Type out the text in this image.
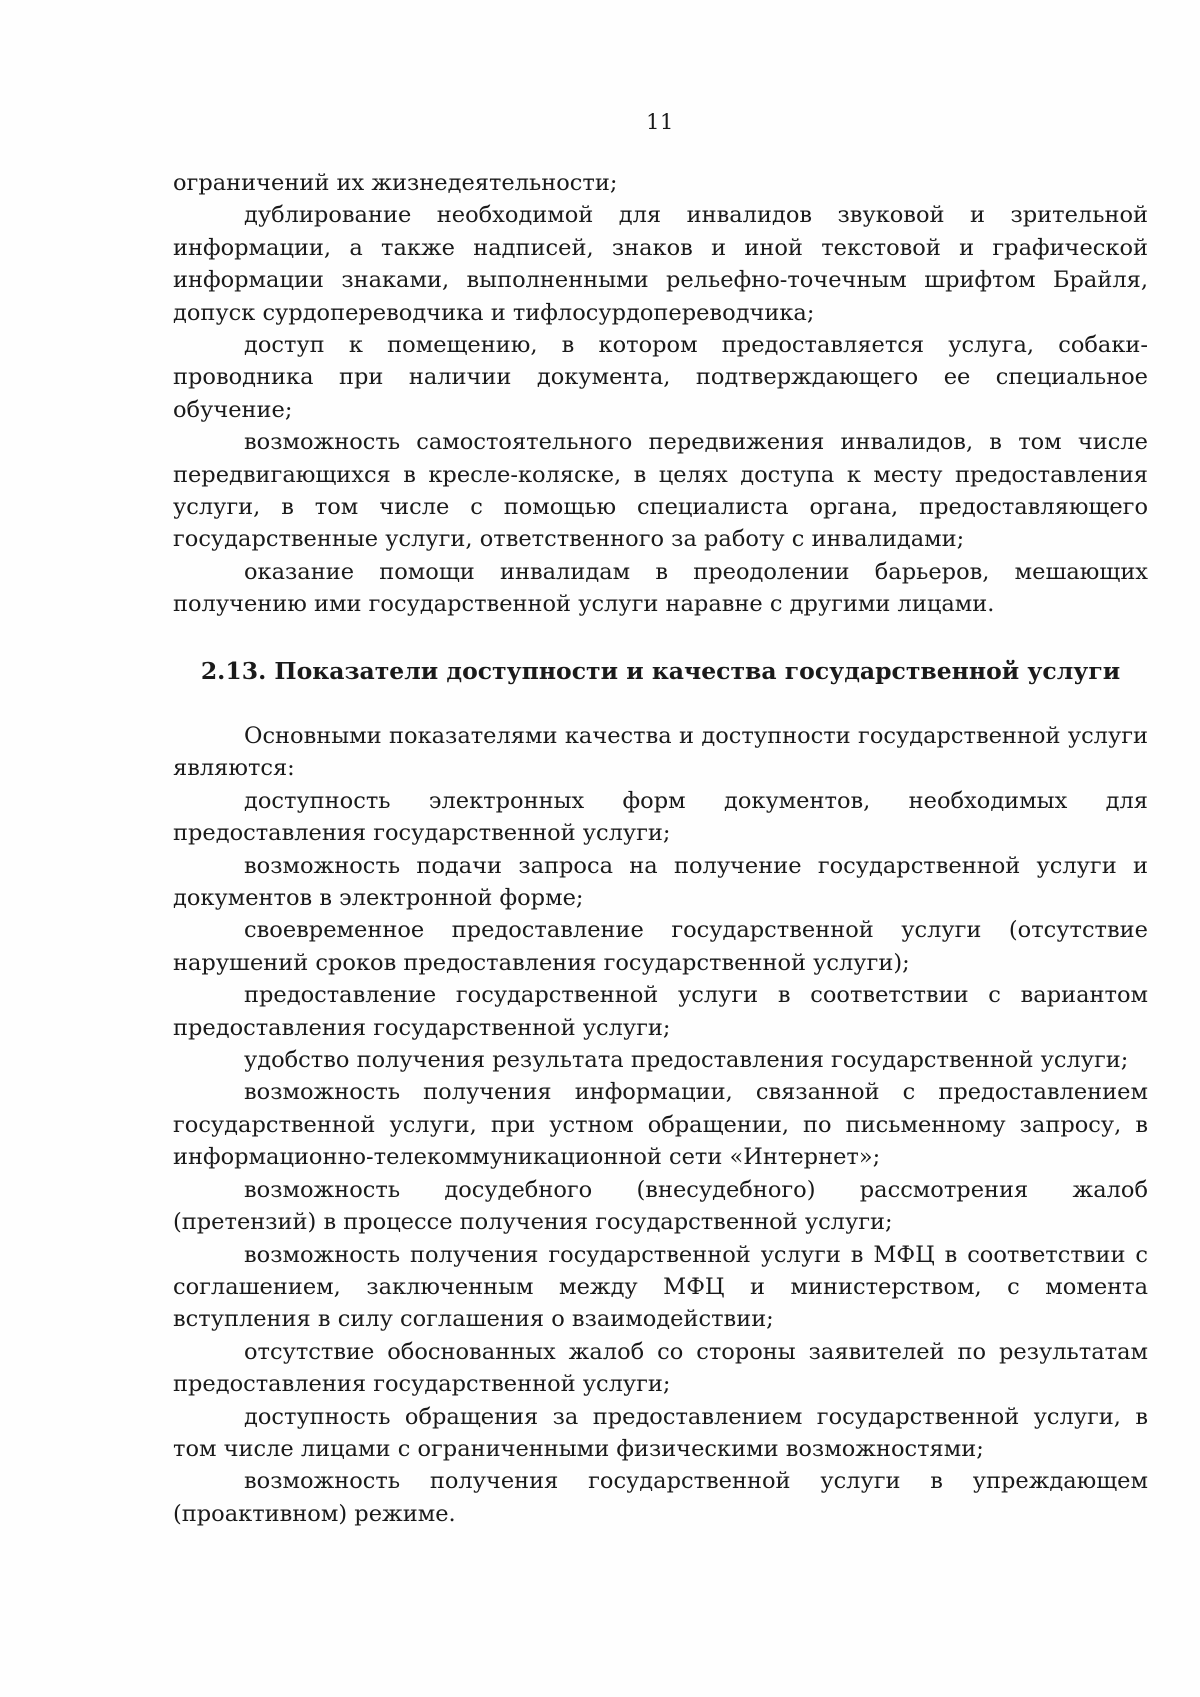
11

ограничений их жизнедеятельности;

дублирование необходимой для инвалидов звуковой и зрительной информации, а также надписей, знаков и иной текстовой и графической информации знаками, выполненными рельефно-точечным шрифтом Брайля, допуск сурдопереводчика и тифлосурдопереводчика;

доступ к помещению, в котором предоставляется услуга, собаки-проводника при наличии документа, подтверждающего ее специальное обучение;

возможность самостоятельного передвижения инвалидов, в том числе передвигающихся в кресле-коляске, в целях доступа к месту предоставления услуги, в том числе с помощью специалиста органа, предоставляющего государственные услуги, ответственного за работу с инвалидами;

оказание помощи инвалидам в преодолении барьеров, мешающих получению ими государственной услуги наравне с другими лицами.

2.13. Показатели доступности и качества государственной услуги

Основными показателями качества и доступности государственной услуги являются:

доступность электронных форм документов, необходимых для предоставления государственной услуги;

возможность подачи запроса на получение государственной услуги и документов в электронной форме;

своевременное предоставление государственной услуги (отсутствие нарушений сроков предоставления государственной услуги);

предоставление государственной услуги в соответствии с вариантом предоставления государственной услуги;

удобство получения результата предоставления государственной услуги;

возможность получения информации, связанной с предоставлением государственной услуги, при устном обращении, по письменному запросу, в информационно-телекоммуникационной сети «Интернет»;

возможность досудебного (внесудебного) рассмотрения жалоб (претензий) в процессе получения государственной услуги;

возможность получения государственной услуги в МФЦ в соответствии с соглашением, заключенным между МФЦ и министерством, с момента вступления в силу соглашения о взаимодействии;

отсутствие обоснованных жалоб со стороны заявителей по результатам предоставления государственной услуги;

доступность обращения за предоставлением государственной услуги, в том числе лицами с ограниченными физическими возможностями;

возможность получения государственной услуги в упреждающем (проактивном) режиме.
